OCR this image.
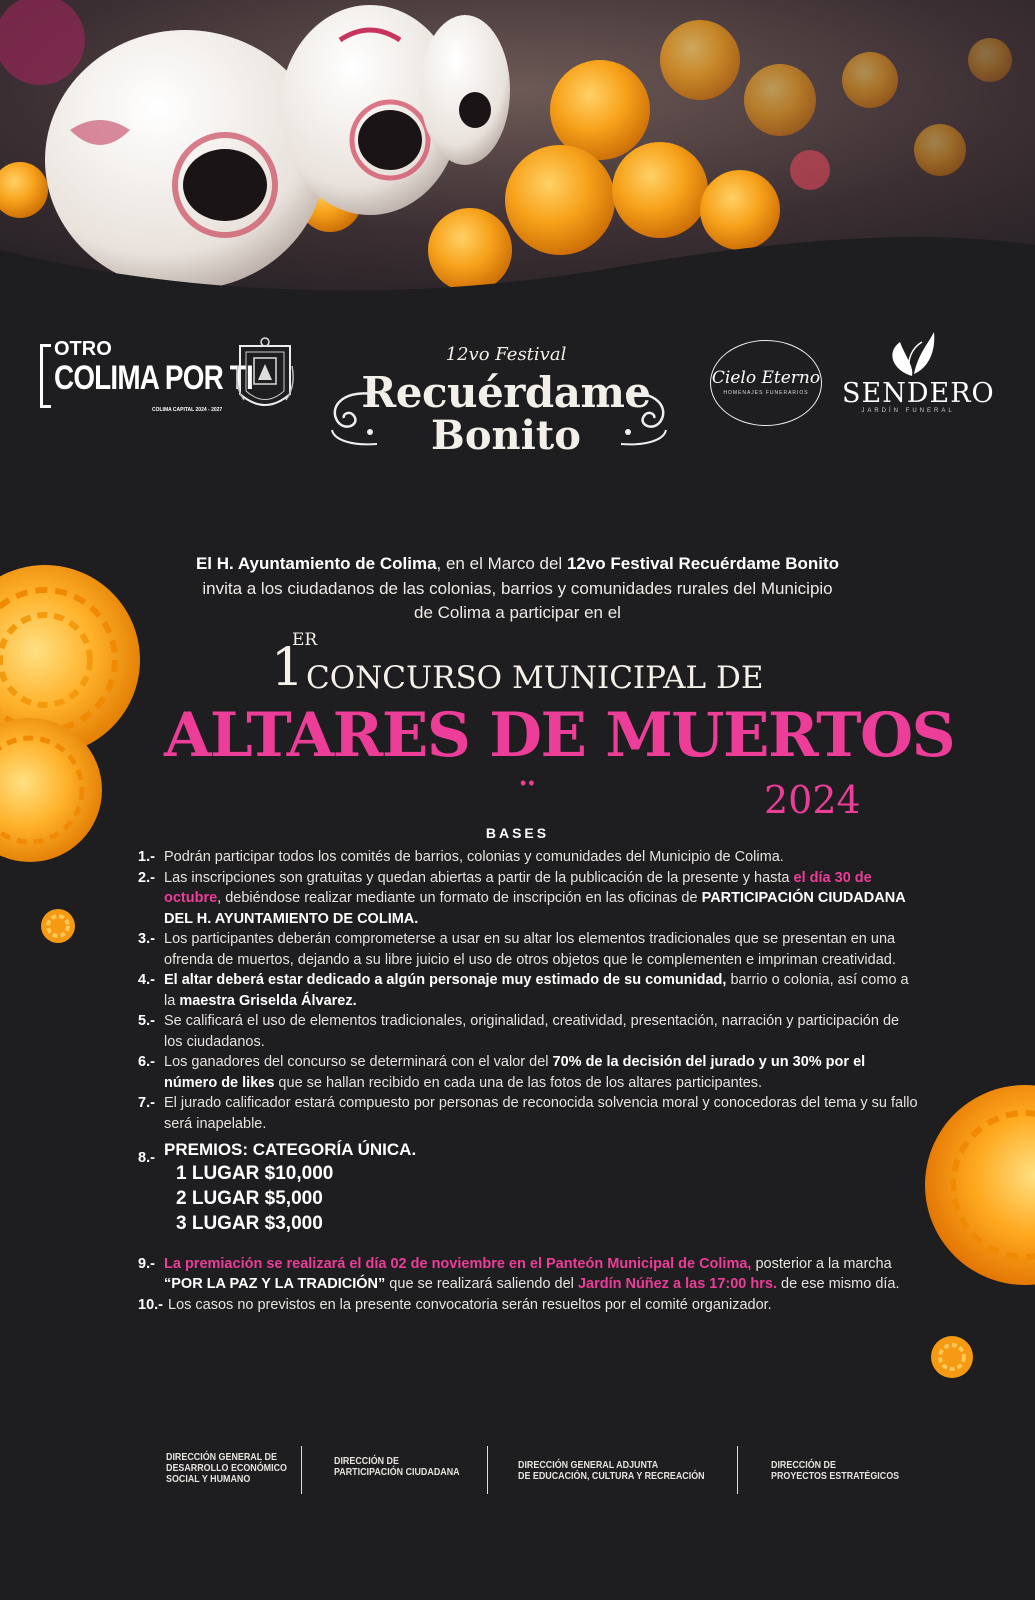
OTRO
COLIMA POR TI
COLIMA CAPITAL 2024 - 2027
12vo Festival
Recuérdame
Bonito
Cielo Eterno
HOMENAJES FUNERARIOS	SENDERO
JARDÍN FUNERAL
El H. Ayuntamiento de Colima, en el Marco del 12vo Festival Recuérdame Bonito
invita a los ciudadanos de las colonias, barrios y comunidades rurales del Municipio
de Colima a participar en el
1
ER
CONCURSO MUNICIPAL DE
ALTARES DE MUERTOS
••	2024
BASES
1.- Podrán participar todos los comités de barrios, colonias y comunidades del Municipio de Colima.
2.- Las inscripciones son gratuitas y quedan abiertas a partir de la publicación de la presente y hasta el día 30 de octubre, debiéndose realizar mediante un formato de inscripción en las oficinas de PARTICIPACIÓN CIUDADANA DEL H. AYUNTAMIENTO DE COLIMA.
3.- Los participantes deberán comprometerse a usar en su altar los elementos tradicionales que se presentan en una ofrenda de muertos, dejando a su libre juicio el uso de otros objetos que le complementen e impriman creatividad.
4.- El altar deberá estar dedicado a algún personaje muy estimado de su comunidad, barrio o colonia, así como a la maestra Griselda Álvarez.
5.- Se calificará el uso de elementos tradicionales, originalidad, creatividad, presentación, narración y participación de los ciudadanos.
6.- Los ganadores del concurso se determinará con el valor del 70% de la decisión del jurado y un 30% por el número de likes que se hallan recibido en cada una de las fotos de los altares participantes.
7.- El jurado calificador estará compuesto por personas de reconocida solvencia moral y conocedoras del tema y su fallo será inapelable.
8.- PREMIOS: CATEGORÍA ÚNICA.
1 LUGAR $10,000
2 LUGAR $5,000
3 LUGAR $3,000
9.- La premiación se realizará el día 02 de noviembre en el Panteón Municipal de Colima, posterior a la marcha “POR LA PAZ Y LA TRADICIÓN” que se realizará saliendo del Jardín Núñez a las 17:00 hrs. de ese mismo día.
10.- Los casos no previstos en la presente convocatoria serán resueltos por el comité organizador.
DIRECCIÓN GENERAL DE
DESARROLLO ECONÓMICO
SOCIAL Y HUMANO
DIRECCIÓN DE
PARTICIPACIÓN CIUDADANA
DIRECCIÓN GENERAL ADJUNTA
DE EDUCACIÓN, CULTURA Y RECREACIÓN
DIRECCIÓN DE
PROYECTOS ESTRATÉGICOS
